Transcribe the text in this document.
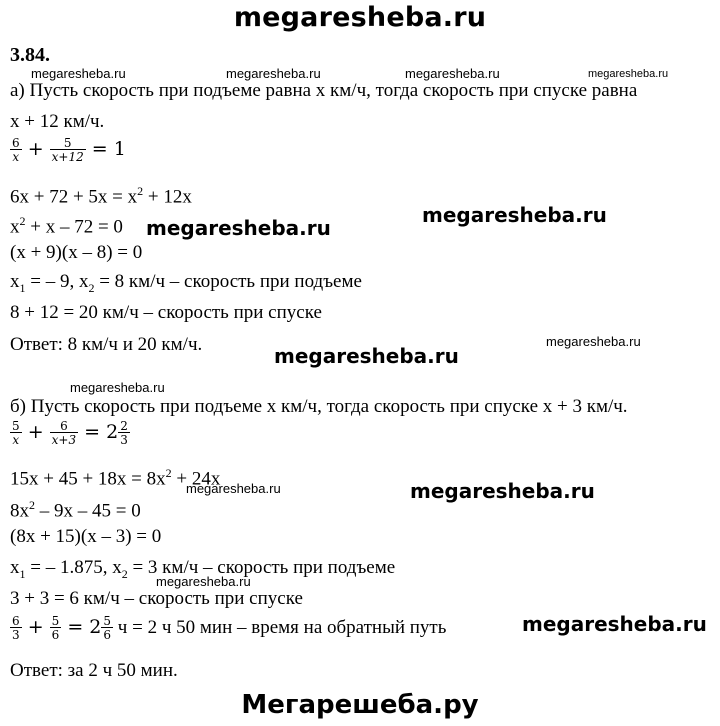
megaresheba.ru
megaresheba.ru	megaresheba.ru	megaresheba.ru	megaresheba.ru
megaresheba.ru
megaresheba.ru
megaresheba.ru
megaresheba.ru
megaresheba.ru
megaresheba.ru
megaresheba.ru
megaresheba.ru
megaresheba.ru
3.84.
а) Пусть скорость при подъеме равна x км/ч, тогда скорость при спуске равна
x + 12 км/ч.
$\frac{6}{x} + \frac{5}{x+12} = 1$
$6x + 72 + 5x = x^2 + 12x$
$x^2 + x - 72 = 0$
(x + 9)(x – 8) = 0
$x_1$ = – 9, $x_2 = 8$ км/ч – скорость при подъеме
8 + 12 = 20 км/ч – скорость при спуске
Ответ: 8 км/ч и 20 км/ч.
б) Пусть скорость при подъеме x км/ч, тогда скорость при спуске x + 3 км/ч.
$\frac{5}{x} + \frac{6}{x+3} = 2 \frac{2}{3}$
$15x + 45 + 18x = 8x^2 + 24x$
$8x^2 - 9x - 45 = 0$
(8x + 15)(x – 3) = 0
$x_1$ = – 1.875, $x_2 = 3$ км/ч – скорость при подъеме
3 + 3 = 6 км/ч – скорость при спуске
$\frac{6}{3} + \frac{5}{6} = 2 \frac{5}{6}$ ч = 2 ч 50 мин – время на обратный путь
Ответ: за 2 ч 50 мин.
Мегарешеба.ру
